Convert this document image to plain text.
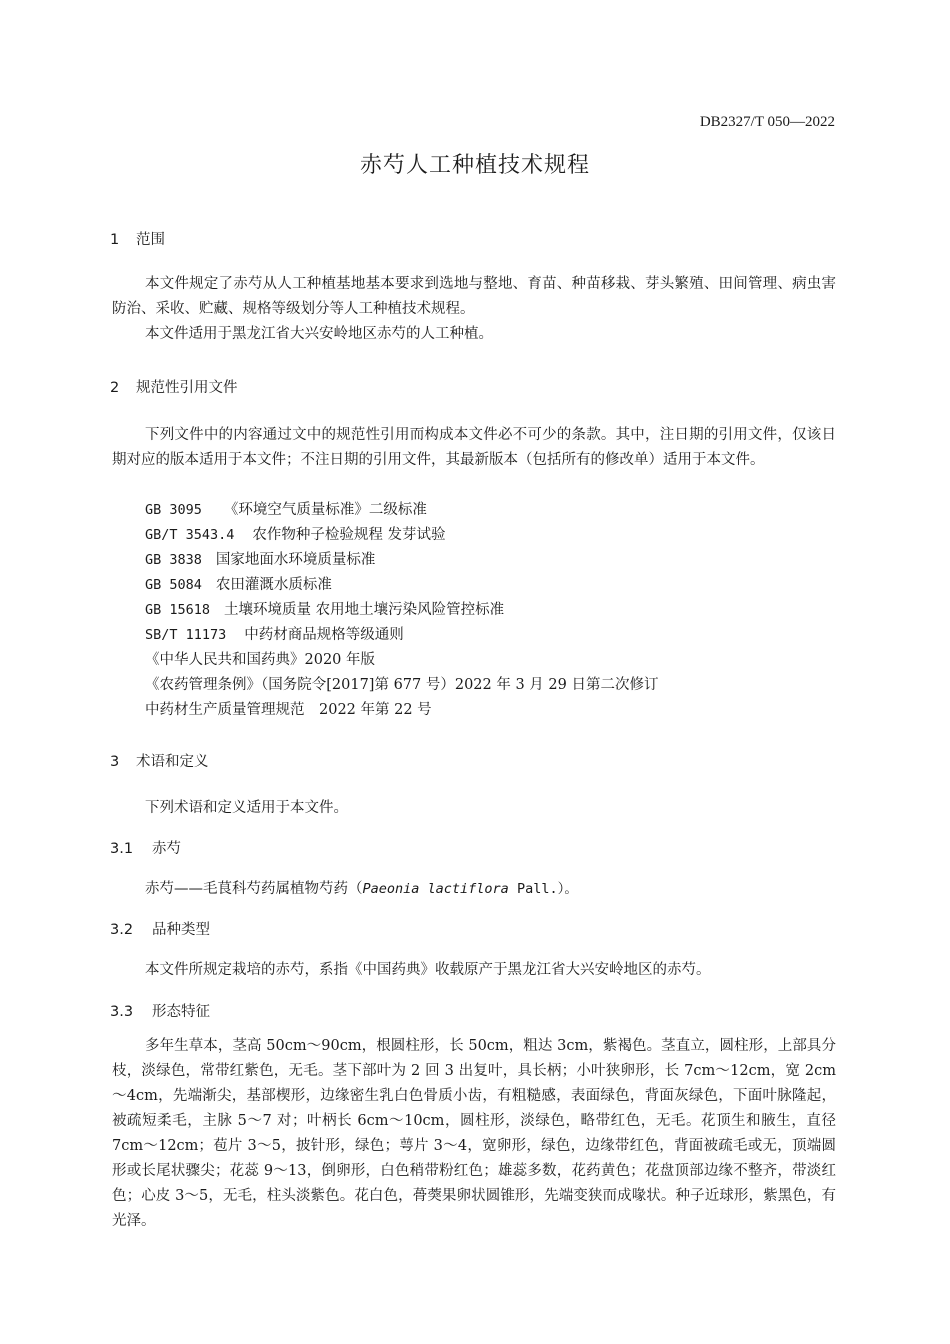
DB2327/T 050—2022
赤芍人工种植技术规程
1 范围
本文件规定了赤芍从人工种植基地基本要求到选地与整地、育苗、种苗移栽、芽头繁殖、田间管理、病虫害防治、采收、贮藏、规格等级划分等人工种植技术规程。
本文件适用于黑龙江省大兴安岭地区赤芍的人工种植。
2 规范性引用文件
下列文件中的内容通过文中的规范性引用而构成本文件必不可少的条款。其中，注日期的引用文件，仅该日期对应的版本适用于本文件；不注日期的引用文件，其最新版本（包括所有的修改单）适用于本文件。
GB 3095 《环境空气质量标准》二级标准
GB/T 3543.4 农作物种子检验规程 发芽试验
GB 3838 国家地面水环境质量标准
GB 5084 农田灌溉水质标准
GB 15618 土壤环境质量 农用地土壤污染风险管控标准
SB/T 11173 中药材商品规格等级通则
《中华人民共和国药典》2020 年版
《农药管理条例》（国务院令[2017]第 677 号）2022 年 3 月 29 日第二次修订
中药材生产质量管理规范　2022 年第 22 号
3 术语和定义
下列术语和定义适用于本文件。
3.1 赤芍
赤芍——毛茛科芍药属植物芍药（Paeonia lactiflora Pall.）。
3.2 品种类型
本文件所规定栽培的赤芍，系指《中国药典》收载原产于黑龙江省大兴安岭地区的赤芍。
3.3 形态特征
多年生草本，茎高 50cm～90cm，根圆柱形，长 50cm，粗达 3cm，紫褐色。茎直立，圆柱形，上部具分枝，淡绿色，常带红紫色，无毛。茎下部叶为 2 回 3 出复叶，具长柄；小叶狭卵形，长 7cm～12cm，宽 2cm～4cm，先端渐尖，基部楔形，边缘密生乳白色骨质小齿，有粗糙感，表面绿色，背面灰绿色，下面叶脉隆起，被疏短柔毛，主脉 5～7 对；叶柄长 6cm～10cm，圆柱形，淡绿色，略带红色，无毛。花顶生和腋生，直径 7cm～12cm；苞片 3～5，披针形，绿色；萼片 3～4，宽卵形，绿色，边缘带红色，背面被疏毛或无，顶端圆形或长尾状骤尖；花蕊 9～13，倒卵形，白色稍带粉红色；雄蕊多数，花药黄色；花盘顶部边缘不整齐，带淡红色；心皮 3～5，无毛，柱头淡紫色。花白色，蓇葖果卵状圆锥形，先端变狭而成喙状。种子近球形，紫黑色，有光泽。
